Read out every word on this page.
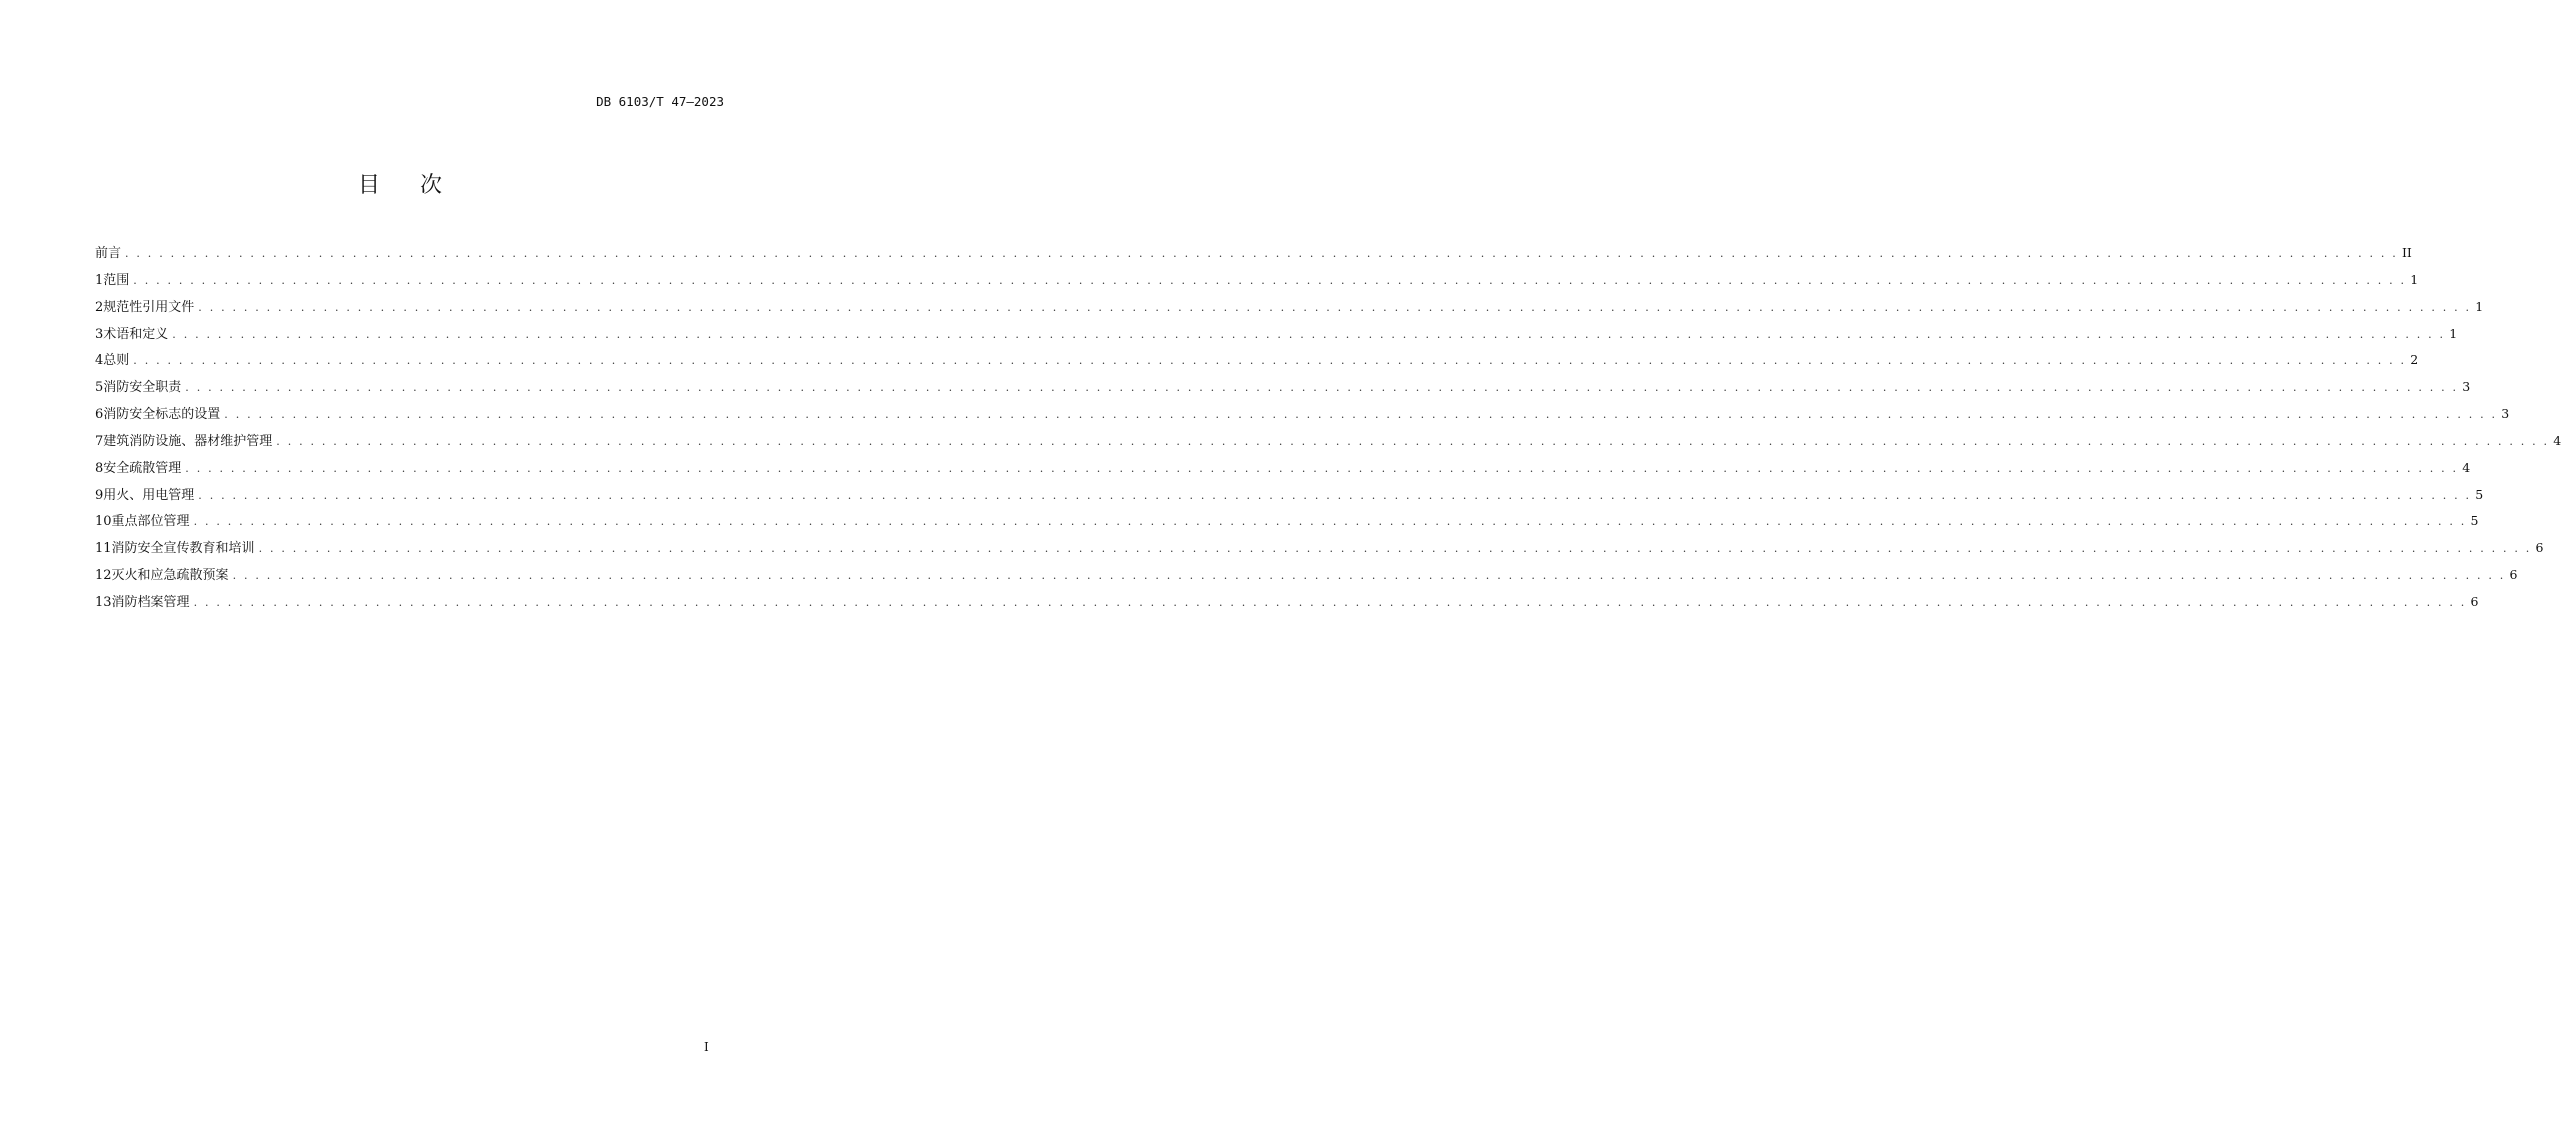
DB 6103/T 47—2023
目次
前言 . . . . . . . . . . . . . . . . . . . . . . . . . . . . . . . . . . . . . . . . . . . . . . . . . . . . . . . . . . . . . . . . . . . . . . . . . . . . . . . . . . . . . . . . . . . . . . . . . . . . . . . . . . . . . . . . . . . . . . . . . . . . . . . . . . . . . . . . . . . . . . . . . . . . . . . . . . . . . . . . . . . . . . . . . . . . . . . . . . . . . . . . . . . . . . . . . . . . . . . . II
1 范围 . . . . . . . . . . . . . . . . . . . . . . . . . . . . . . . . . . . . . . . . . . . . . . . . . . . . . . . . . . . . . . . . . . . . . . . . . . . . . . . . . . . . . . . . . . . . . . . . . . . . . . . . . . . . . . . . . . . . . . . . . . . . . . . . . . . . . . . . . . . . . . . . . . . . . . . . . . . . . . . . . . . . . . . . . . . . . . . . . . . . . . . . . . . . . . . . . . . . . . . . 1
2 规范性引用文件 . . . . . . . . . . . . . . . . . . . . . . . . . . . . . . . . . . . . . . . . . . . . . . . . . . . . . . . . . . . . . . . . . . . . . . . . . . . . . . . . . . . . . . . . . . . . . . . . . . . . . . . . . . . . . . . . . . . . . . . . . . . . . . . . . . . . . . . . . . . . . . . . . . . . . . . . . . . . . . . . . . . . . . . . . . . . . . . . . . . . . . . . . . . . . . . . . . . . . . . . 1
3 术语和定义 . . . . . . . . . . . . . . . . . . . . . . . . . . . . . . . . . . . . . . . . . . . . . . . . . . . . . . . . . . . . . . . . . . . . . . . . . . . . . . . . . . . . . . . . . . . . . . . . . . . . . . . . . . . . . . . . . . . . . . . . . . . . . . . . . . . . . . . . . . . . . . . . . . . . . . . . . . . . . . . . . . . . . . . . . . . . . . . . . . . . . . . . . . . . . . . . . . . . . . . . 1
4 总则 . . . . . . . . . . . . . . . . . . . . . . . . . . . . . . . . . . . . . . . . . . . . . . . . . . . . . . . . . . . . . . . . . . . . . . . . . . . . . . . . . . . . . . . . . . . . . . . . . . . . . . . . . . . . . . . . . . . . . . . . . . . . . . . . . . . . . . . . . . . . . . . . . . . . . . . . . . . . . . . . . . . . . . . . . . . . . . . . . . . . . . . . . . . . . . . . . . . . . . . . 2
5 消防安全职责 . . . . . . . . . . . . . . . . . . . . . . . . . . . . . . . . . . . . . . . . . . . . . . . . . . . . . . . . . . . . . . . . . . . . . . . . . . . . . . . . . . . . . . . . . . . . . . . . . . . . . . . . . . . . . . . . . . . . . . . . . . . . . . . . . . . . . . . . . . . . . . . . . . . . . . . . . . . . . . . . . . . . . . . . . . . . . . . . . . . . . . . . . . . . . . . . . . . . . . . . 3
6 消防安全标志的设置 . . . . . . . . . . . . . . . . . . . . . . . . . . . . . . . . . . . . . . . . . . . . . . . . . . . . . . . . . . . . . . . . . . . . . . . . . . . . . . . . . . . . . . . . . . . . . . . . . . . . . . . . . . . . . . . . . . . . . . . . . . . . . . . . . . . . . . . . . . . . . . . . . . . . . . . . . . . . . . . . . . . . . . . . . . . . . . . . . . . . . . . . . . . . . . . . . . . . . . . . 3
7 建筑消防设施、器材维护管理 . . . . . . . . . . . . . . . . . . . . . . . . . . . . . . . . . . . . . . . . . . . . . . . . . . . . . . . . . . . . . . . . . . . . . . . . . . . . . . . . . . . . . . . . . . . . . . . . . . . . . . . . . . . . . . . . . . . . . . . . . . . . . . . . . . . . . . . . . . . . . . . . . . . . . . . . . . . . . . . . . . . . . . . . . . . . . . . . . . . . . . . . . . . . . . . . . . . . . . . . 4
8 安全疏散管理 . . . . . . . . . . . . . . . . . . . . . . . . . . . . . . . . . . . . . . . . . . . . . . . . . . . . . . . . . . . . . . . . . . . . . . . . . . . . . . . . . . . . . . . . . . . . . . . . . . . . . . . . . . . . . . . . . . . . . . . . . . . . . . . . . . . . . . . . . . . . . . . . . . . . . . . . . . . . . . . . . . . . . . . . . . . . . . . . . . . . . . . . . . . . . . . . . . . . . . . . 4
9 用火、用电管理 . . . . . . . . . . . . . . . . . . . . . . . . . . . . . . . . . . . . . . . . . . . . . . . . . . . . . . . . . . . . . . . . . . . . . . . . . . . . . . . . . . . . . . . . . . . . . . . . . . . . . . . . . . . . . . . . . . . . . . . . . . . . . . . . . . . . . . . . . . . . . . . . . . . . . . . . . . . . . . . . . . . . . . . . . . . . . . . . . . . . . . . . . . . . . . . . . . . . . . . . 5
10 重点部位管理 . . . . . . . . . . . . . . . . . . . . . . . . . . . . . . . . . . . . . . . . . . . . . . . . . . . . . . . . . . . . . . . . . . . . . . . . . . . . . . . . . . . . . . . . . . . . . . . . . . . . . . . . . . . . . . . . . . . . . . . . . . . . . . . . . . . . . . . . . . . . . . . . . . . . . . . . . . . . . . . . . . . . . . . . . . . . . . . . . . . . . . . . . . . . . . . . . . . . . . . . 5
11 消防安全宣传教育和培训 . . . . . . . . . . . . . . . . . . . . . . . . . . . . . . . . . . . . . . . . . . . . . . . . . . . . . . . . . . . . . . . . . . . . . . . . . . . . . . . . . . . . . . . . . . . . . . . . . . . . . . . . . . . . . . . . . . . . . . . . . . . . . . . . . . . . . . . . . . . . . . . . . . . . . . . . . . . . . . . . . . . . . . . . . . . . . . . . . . . . . . . . . . . . . . . . . . . . . . . . 6
12 灭火和应急疏散预案 . . . . . . . . . . . . . . . . . . . . . . . . . . . . . . . . . . . . . . . . . . . . . . . . . . . . . . . . . . . . . . . . . . . . . . . . . . . . . . . . . . . . . . . . . . . . . . . . . . . . . . . . . . . . . . . . . . . . . . . . . . . . . . . . . . . . . . . . . . . . . . . . . . . . . . . . . . . . . . . . . . . . . . . . . . . . . . . . . . . . . . . . . . . . . . . . . . . . . . . . 6
13 消防档案管理 . . . . . . . . . . . . . . . . . . . . . . . . . . . . . . . . . . . . . . . . . . . . . . . . . . . . . . . . . . . . . . . . . . . . . . . . . . . . . . . . . . . . . . . . . . . . . . . . . . . . . . . . . . . . . . . . . . . . . . . . . . . . . . . . . . . . . . . . . . . . . . . . . . . . . . . . . . . . . . . . . . . . . . . . . . . . . . . . . . . . . . . . . . . . . . . . . . . . . . . . 6
I
